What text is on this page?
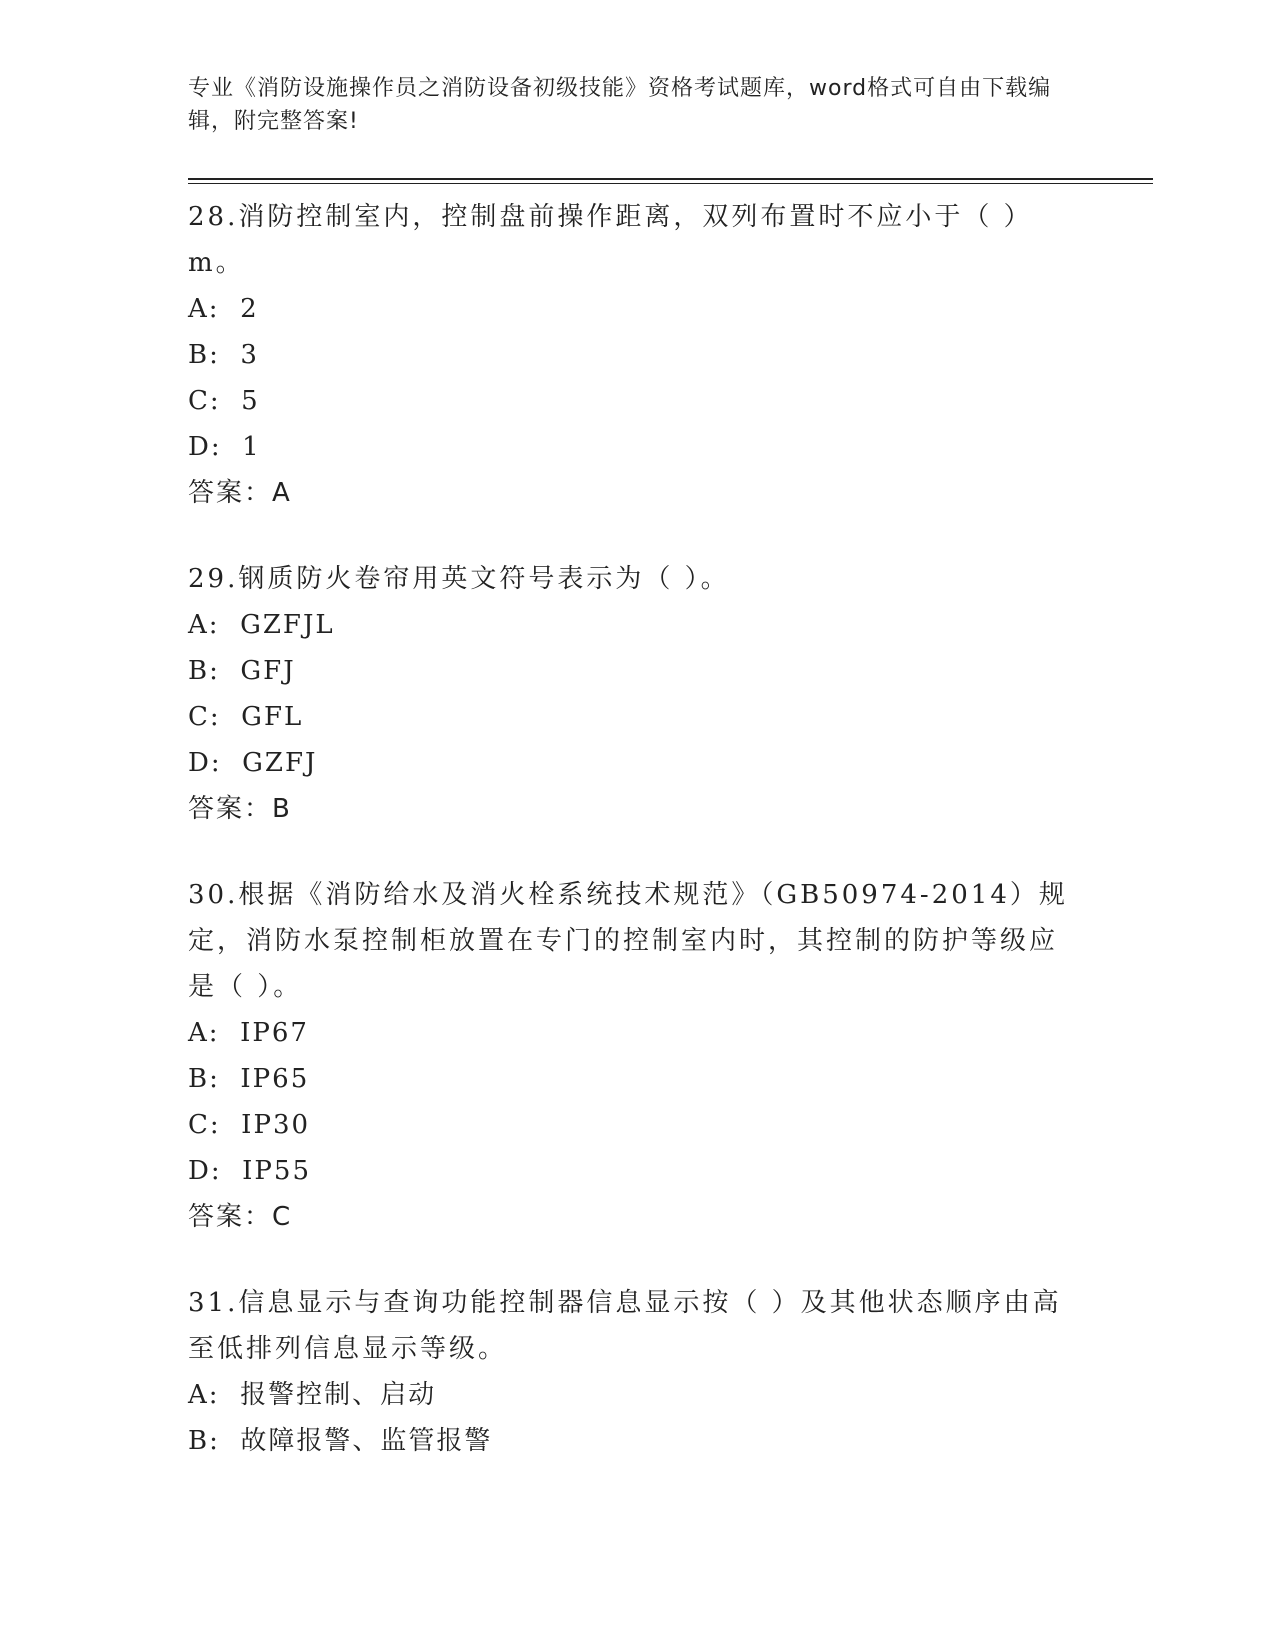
专业《消防设施操作员之消防设备初级技能》资格考试题库，word格式可自由下载编辑，附完整答案!
28.消防控制室内，控制盘前操作距离，双列布置时不应小于（ ）m。
A:  2
B:  3
C:  5
D:  1
答案：A
29.钢质防火卷帘用英文符号表示为（ ）。
A:  GZFJL
B:  GFJ
C:  GFL
D:  GZFJ
答案：B
30.根据《消防给水及消火栓系统技术规范》（GB50974-2014）规定，消防水泵控制柜放置在专门的控制室内时，其控制的防护等级应是（ ）。
A:  IP67
B:  IP65
C:  IP30
D:  IP55
答案：C
31.信息显示与查询功能控制器信息显示按（ ）及其他状态顺序由高至低排列信息显示等级。
A:  报警控制、启动
B:  故障报警、监管报警
